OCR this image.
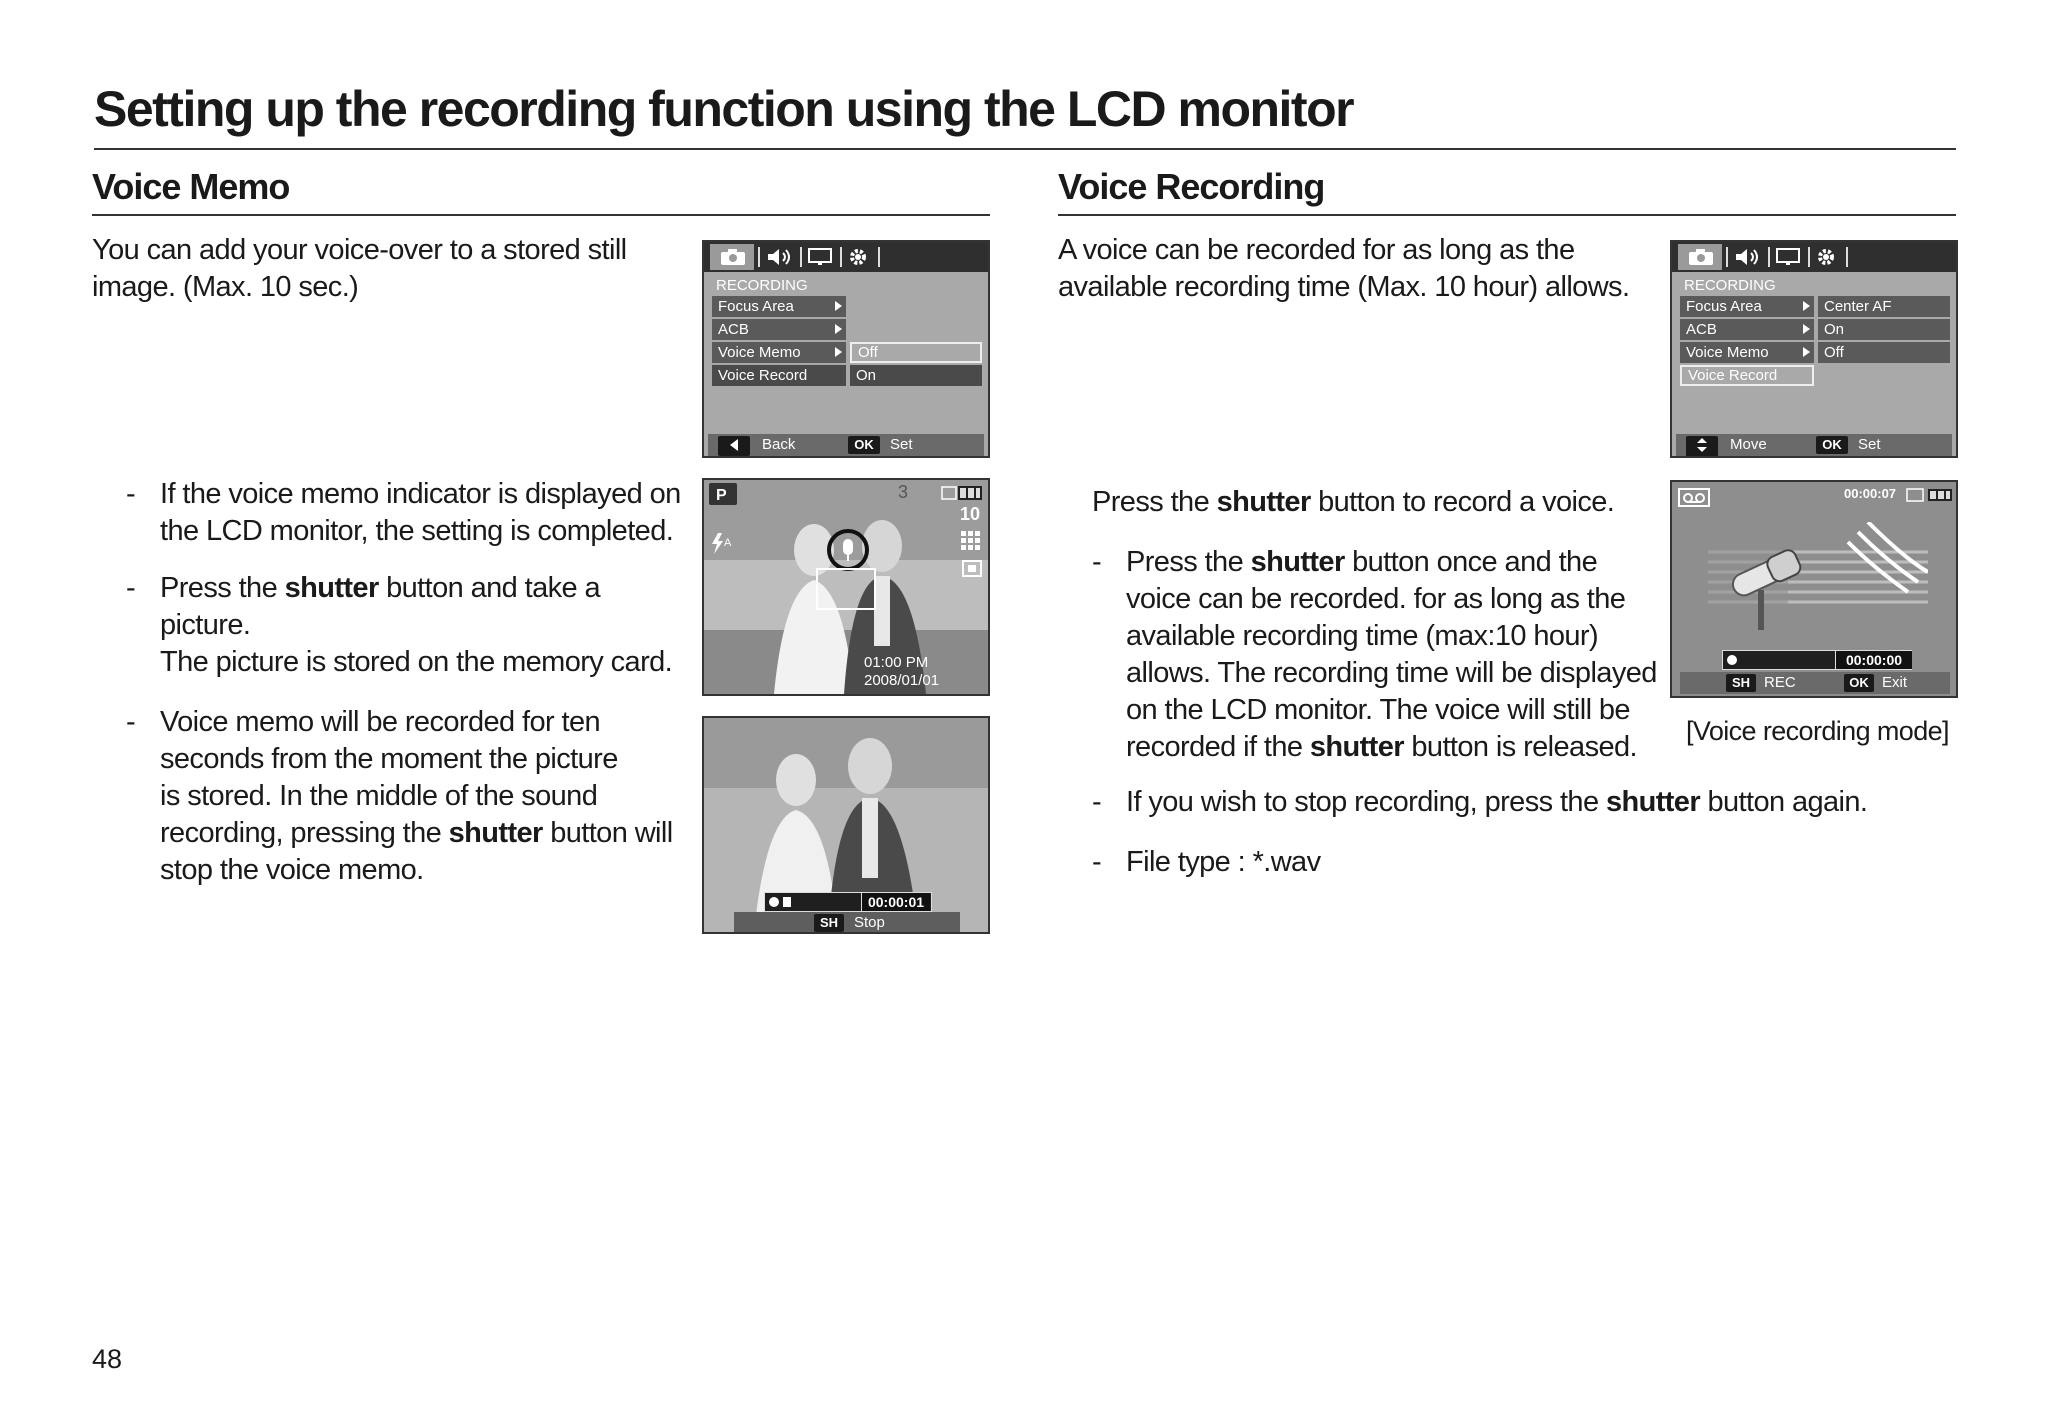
Setting up the recording function using the LCD monitor
Voice Memo
You can add your voice-over to a stored still
image. (Max. 10 sec.)
- If the voice memo indicator is displayed on
the LCD monitor, the setting is completed.
- Press the shutter button and take a
picture.
The picture is stored on the memory card.
- Voice memo will be recorded for ten
seconds from the moment the picture
is stored. In the middle of the sound
recording, pressing the shutter button will
stop the voice memo.
RECORDING
Focus Area
ACB
Voice Memo
Voice Record
Off
On
Back	OK	Set
P	3
10
A
01:00 PM
2008/01/01
00:00:01
SH	Stop
Voice Recording
A voice can be recorded for as long as the
available recording time (Max. 10 hour) allows.
Press the shutter button to record a voice.
- Press the shutter button once and the
voice can be recorded. for as long as the
available recording time (max:10 hour)
allows. The recording time will be displayed
on the LCD monitor. The voice will still be
recorded if the shutter button is released.
- If you wish to stop recording, press the shutter button again.
- File type : *.wav
RECORDING
Focus Area
ACB
Voice Memo
Voice Record
Center AF
On
Off
Move	OK	Set
00:00:07
00:00:00
SH REC	OK Exit
[Voice recording mode]
48
